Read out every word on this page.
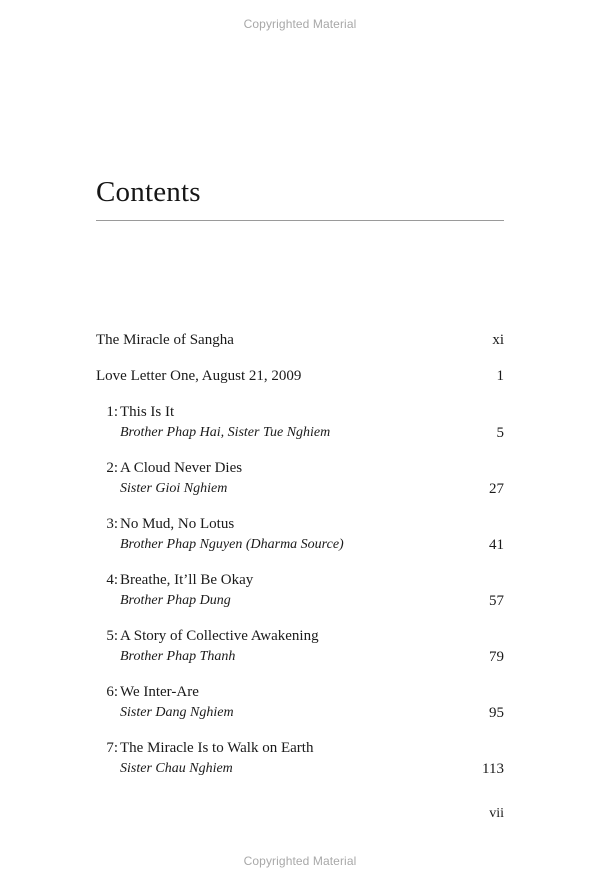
Copyrighted Material
Contents
The Miracle of Sangha	xi
Love Letter One, August 21, 2009	1
1: This Is It
Brother Phap Hai, Sister Tue Nghiem	5
2: A Cloud Never Dies
Sister Gioi Nghiem	27
3: No Mud, No Lotus
Brother Phap Nguyen (Dharma Source)	41
4: Breathe, It’ll Be Okay
Brother Phap Dung	57
5: A Story of Collective Awakening
Brother Phap Thanh	79
6: We Inter-Are
Sister Dang Nghiem	95
7: The Miracle Is to Walk on Earth
Sister Chau Nghiem	113
vii
Copyrighted Material
